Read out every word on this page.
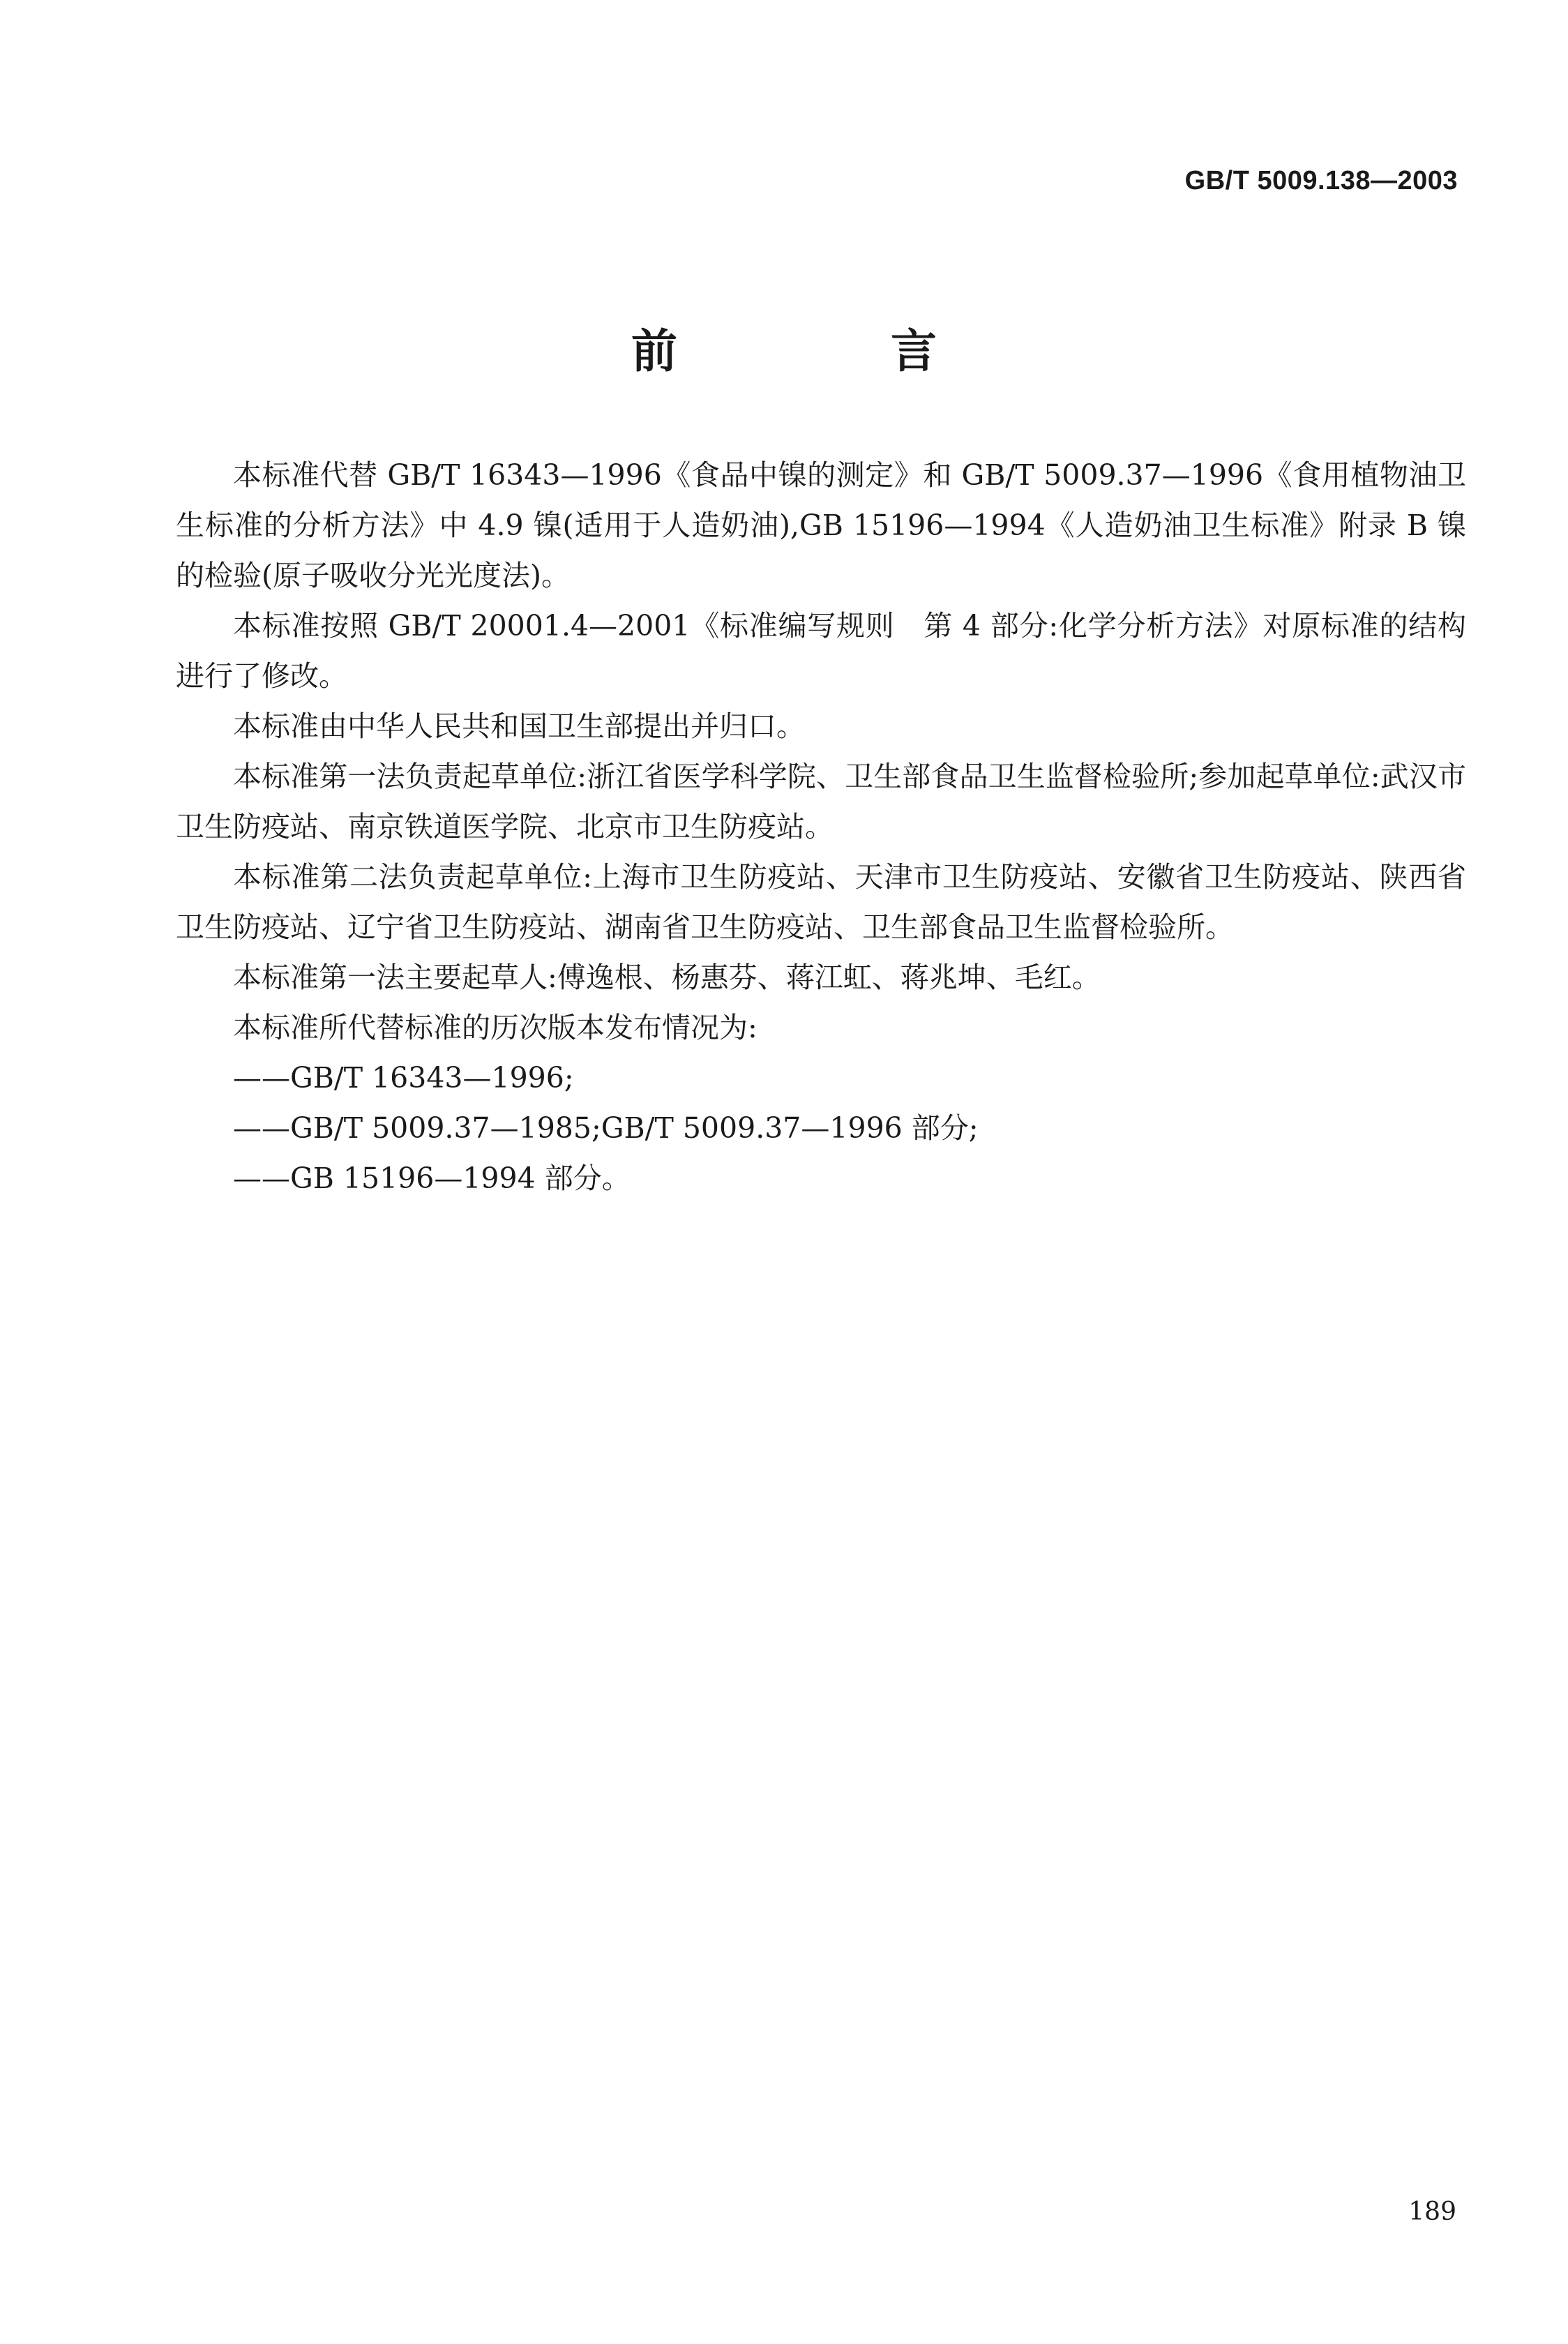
GB/T 5009.138—2003
前　言

本标准代替 GB/T 16343—1996《食品中镍的测定》和 GB/T 5009.37—1996《食用植物油卫生标准的分析方法》中 4.9 镍(适用于人造奶油),GB 15196—1994《人造奶油卫生标准》附录 B 镍的检验(原子吸收分光光度法)。

本标准按照 GB/T 20001.4—2001《标准编写规则　第 4 部分:化学分析方法》对原标准的结构进行了修改。

本标准由中华人民共和国卫生部提出并归口。

本标准第一法负责起草单位:浙江省医学科学院、卫生部食品卫生监督检验所;参加起草单位:武汉市卫生防疫站、南京铁道医学院、北京市卫生防疫站。

本标准第二法负责起草单位:上海市卫生防疫站、天津市卫生防疫站、安徽省卫生防疫站、陕西省卫生防疫站、辽宁省卫生防疫站、湖南省卫生防疫站、卫生部食品卫生监督检验所。

本标准第一法主要起草人:傅逸根、杨惠芬、蒋江虹、蒋兆坤、毛红。

本标准所代替标准的历次版本发布情况为:

——GB/T 16343—1996;

——GB/T 5009.37—1985;GB/T 5009.37—1996 部分;

——GB 15196—1994 部分。

189
